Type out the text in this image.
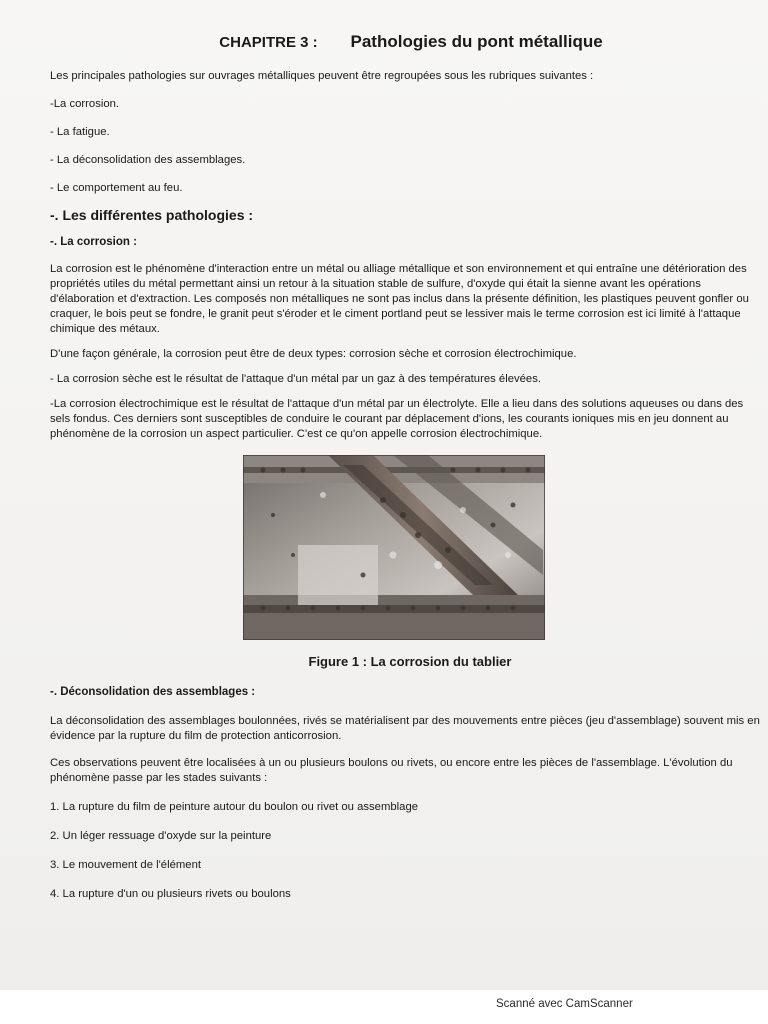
CHAPITRE 3 : Pathologies du pont métallique

Les principales pathologies sur ouvrages métalliques peuvent être regroupées sous les rubriques suivantes :

-La corrosion.

- La fatigue.

- La déconsolidation des assemblages.

- Le comportement au feu.

-. Les différentes pathologies :

-. La corrosion :

La corrosion est le phénomène d'interaction entre un métal ou alliage métallique et son environnement et qui entraîne une détérioration des propriétés utiles du métal permettant ainsi un retour à la situation stable de sulfure, d'oxyde qui était la sienne avant les opérations d'élaboration et d'extraction. Les composés non métalliques ne sont pas inclus dans la présente définition, les plastiques peuvent gonfler ou craquer, le bois peut se fondre, le granit peut s'éroder et le ciment portland peut se lessiver mais le terme corrosion est ici limité à l'attaque chimique des métaux.

D'une façon générale, la corrosion peut être de deux types: corrosion sèche et corrosion électrochimique.

- La corrosion sèche est le résultat de l'attaque d'un métal par un gaz à des températures élevées.

-La corrosion électrochimique est le résultat de l'attaque d'un métal par un électrolyte. Elle a lieu dans des solutions aqueuses ou dans des sels fondus. Ces derniers sont susceptibles de conduire le courant par déplacement d'ions, les courants ioniques mis en jeu donnent au phénomène de la corrosion un aspect particulier. C'est ce qu'on appelle corrosion électrochimique.

Figure 1 : La corrosion du tablier

-. Déconsolidation des assemblages :

La déconsolidation des assemblages boulonnées, rivés se matérialisent par des mouvements entre pièces (jeu d'assemblage) souvent mis en évidence par la rupture du film de protection anticorrosion.

Ces observations peuvent être localisées à un ou plusieurs boulons ou rivets, ou encore entre les pièces de l'assemblage. L'évolution du phénomène passe par les stades suivants :

1. La rupture du film de peinture autour du boulon ou rivet ou assemblage

2. Un léger ressuage d'oxyde sur la peinture

3. Le mouvement de l'élément

4. La rupture d'un ou plusieurs rivets ou boulons

Scanné avec CamScanner
